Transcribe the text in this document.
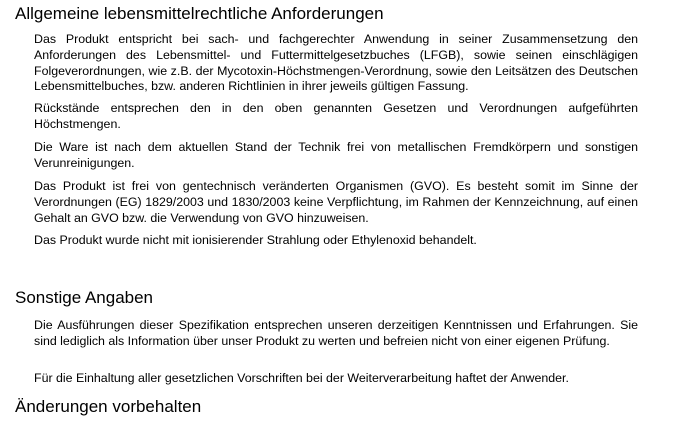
Allgemeine lebensmittelrechtliche Anforderungen

Das Produkt entspricht bei sach- und fachgerechter Anwendung in seiner Zusammensetzung den Anforderungen des Lebensmittel- und Futtermittelgesetzbuches (LFGB), sowie seinen einschlägigen Folgeverordnungen, wie z.B. der Mycotoxin-Höchstmengen-Verordnung, sowie den Leitsätzen des Deutschen Lebensmittelbuches, bzw. anderen Richtlinien in ihrer jeweils gültigen Fassung.

Rückstände entsprechen den in den oben genannten Gesetzen und Verordnungen aufgeführten Höchstmengen.

Die Ware ist nach dem aktuellen Stand der Technik frei von metallischen Fremdkörpern und sonstigen Verunreinigungen.

Das Produkt ist frei von gentechnisch veränderten Organismen (GVO). Es besteht somit im Sinne der Verordnungen (EG) 1829/2003 und 1830/2003 keine Verpflichtung, im Rahmen der Kennzeichnung, auf einen Gehalt an GVO bzw. die Verwendung von GVO hinzuweisen.

Das Produkt wurde nicht mit ionisierender Strahlung oder Ethylenoxid behandelt.

Sonstige Angaben

Die Ausführungen dieser Spezifikation entsprechen unseren derzeitigen Kenntnissen und Erfahrungen. Sie sind lediglich als Information über unser Produkt zu werten und befreien nicht von einer eigenen Prüfung.

Für die Einhaltung aller gesetzlichen Vorschriften bei der Weiterverarbeitung haftet der Anwender.

Änderungen vorbehalten
